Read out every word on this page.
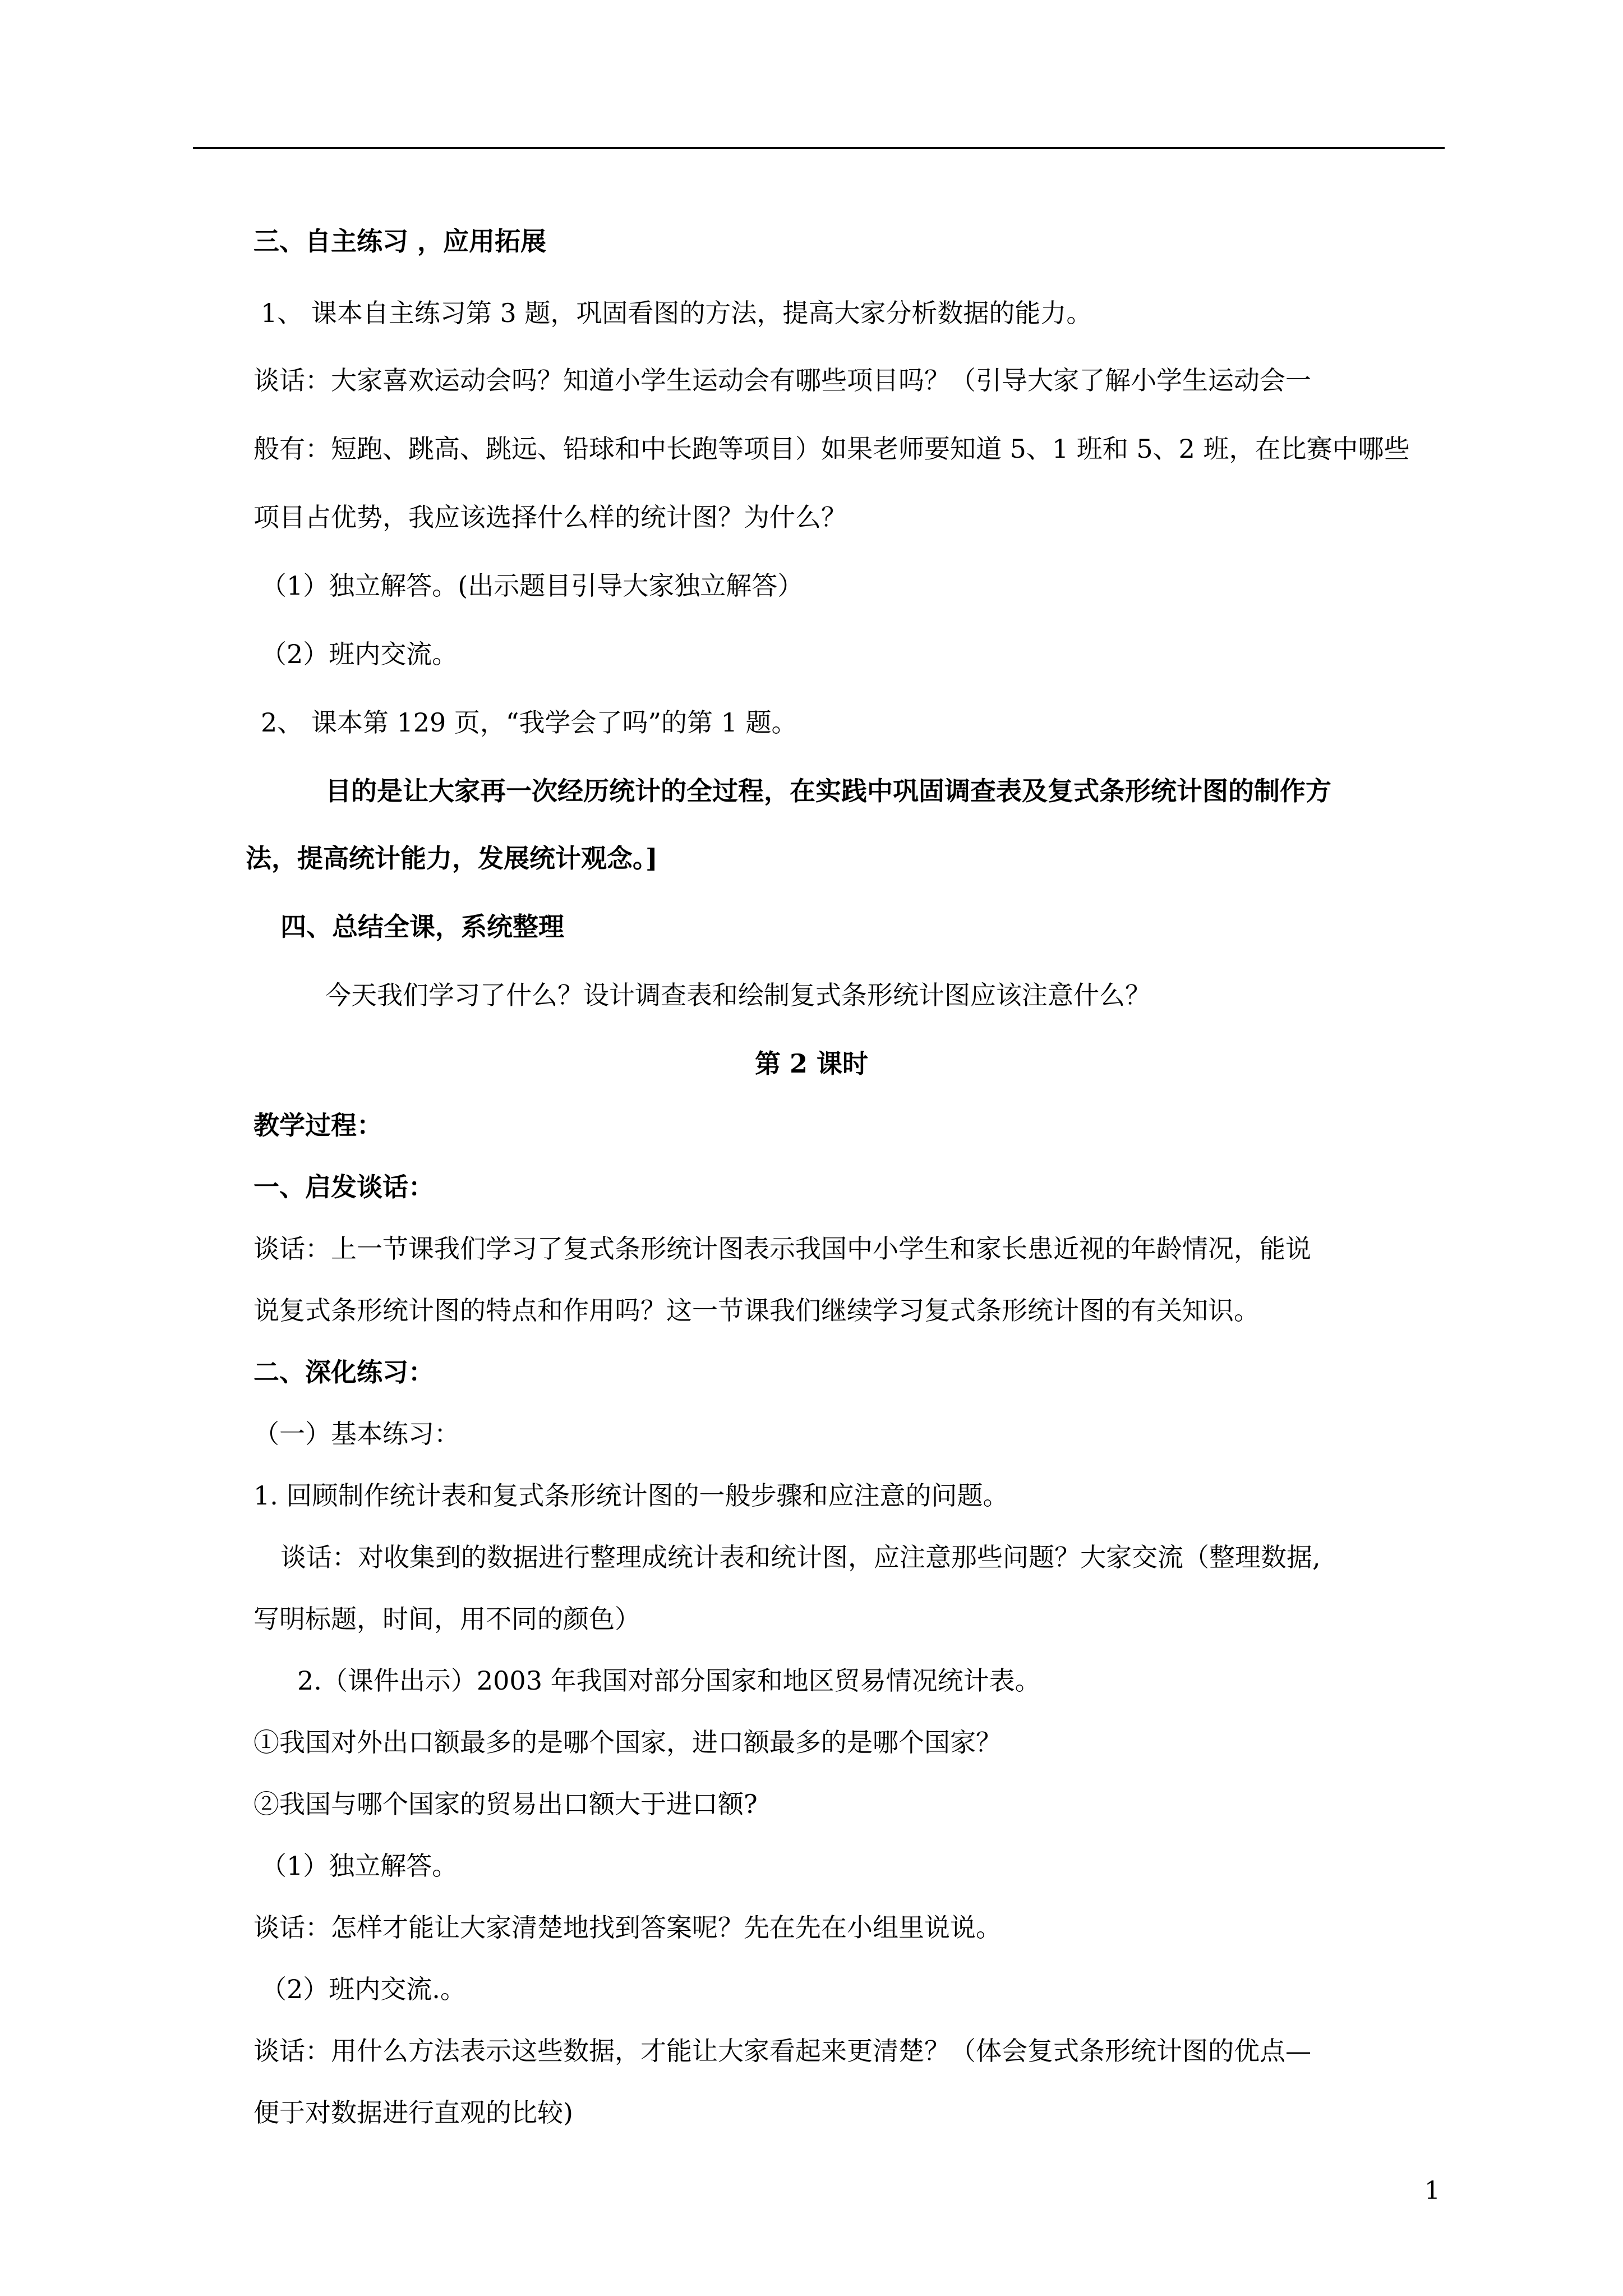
三、自主练习 ，应用拓展
1、 课本自主练习第 3 题，巩固看图的方法，提高大家分析数据的能力。
谈话：大家喜欢运动会吗？知道小学生运动会有哪些项目吗？（引导大家了解小学生运动会一
般有：短跑、跳高、跳远、铅球和中长跑等项目）如果老师要知道 5、1 班和 5、2 班，在比赛中哪些
项目占优势，我应该选择什么样的统计图？为什么？
（1）独立解答。(出示题目引导大家独立解答）
（2）班内交流。
2、 课本第 129 页，“我学会了吗”的第 1 题。
目的是让大家再一次经历统计的全过程，在实践中巩固调查表及复式条形统计图的制作方
法，提高统计能力，发展统计观念。]
四、总结全课，系统整理
今天我们学习了什么？设计调查表和绘制复式条形统计图应该注意什么？
第 2 课时
教学过程：
一、启发谈话：
谈话：上一节课我们学习了复式条形统计图表示我国中小学生和家长患近视的年龄情况，能说
说复式条形统计图的特点和作用吗？这一节课我们继续学习复式条形统计图的有关知识。
二、深化练习：
（一）基本练习：
1. 回顾制作统计表和复式条形统计图的一般步骤和应注意的问题。
谈话：对收集到的数据进行整理成统计表和统计图，应注意那些问题？大家交流（整理数据,
写明标题，时间，用不同的颜色）
2.（课件出示）2003 年我国对部分国家和地区贸易情况统计表。
①我国对外出口额最多的是哪个国家，进口额最多的是哪个国家？
②我国与哪个国家的贸易出口额大于进口额?
（1）独立解答。
谈话：怎样才能让大家清楚地找到答案呢？先在先在小组里说说。
（2）班内交流.。
谈话：用什么方法表示这些数据，才能让大家看起来更清楚？（体会复式条形统计图的优点—
便于对数据进行直观的比较)
1
